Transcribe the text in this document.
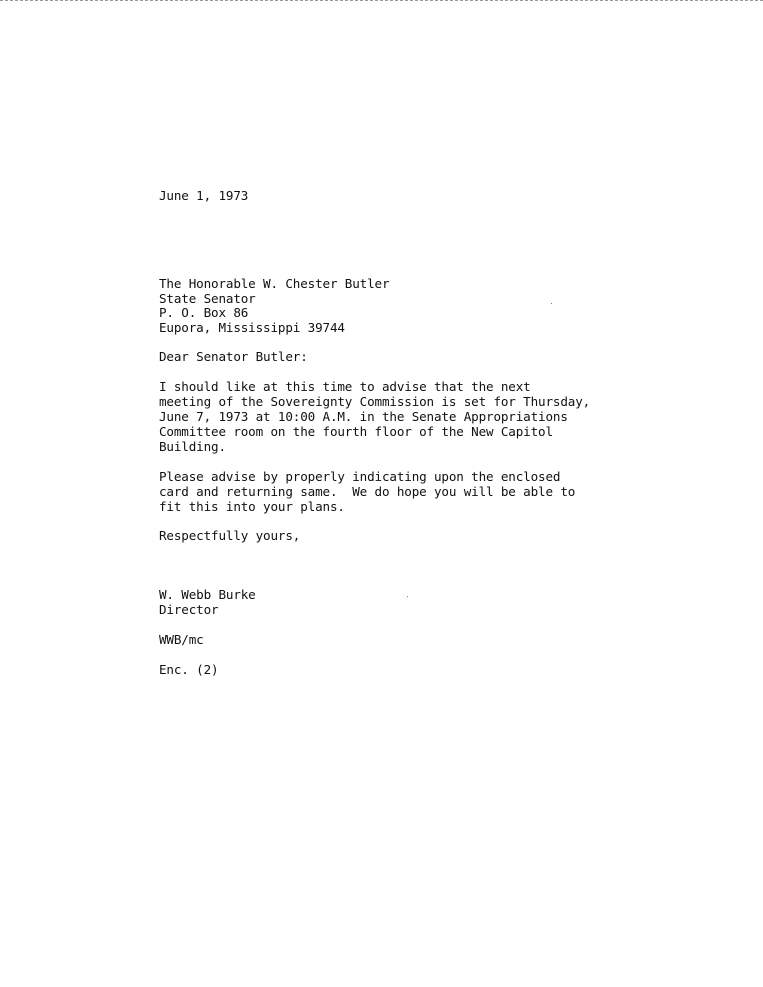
June 1, 1973

The Honorable W. Chester Butler

State Senator

P. O. Box 86

Eupora, Mississippi 39744

Dear Senator Butler:

I should like at this time to advise that the next

meeting of the Sovereignty Commission is set for Thursday,

June 7, 1973 at 10:00 A.M. in the Senate Appropriations

Committee room on the fourth floor of the New Capitol

Building.

Please advise by properly indicating upon the enclosed

card and returning same.  We do hope you will be able to

fit this into your plans.

Respectfully yours,

W. Webb Burke

Director

WWB/mc

Enc. (2)
